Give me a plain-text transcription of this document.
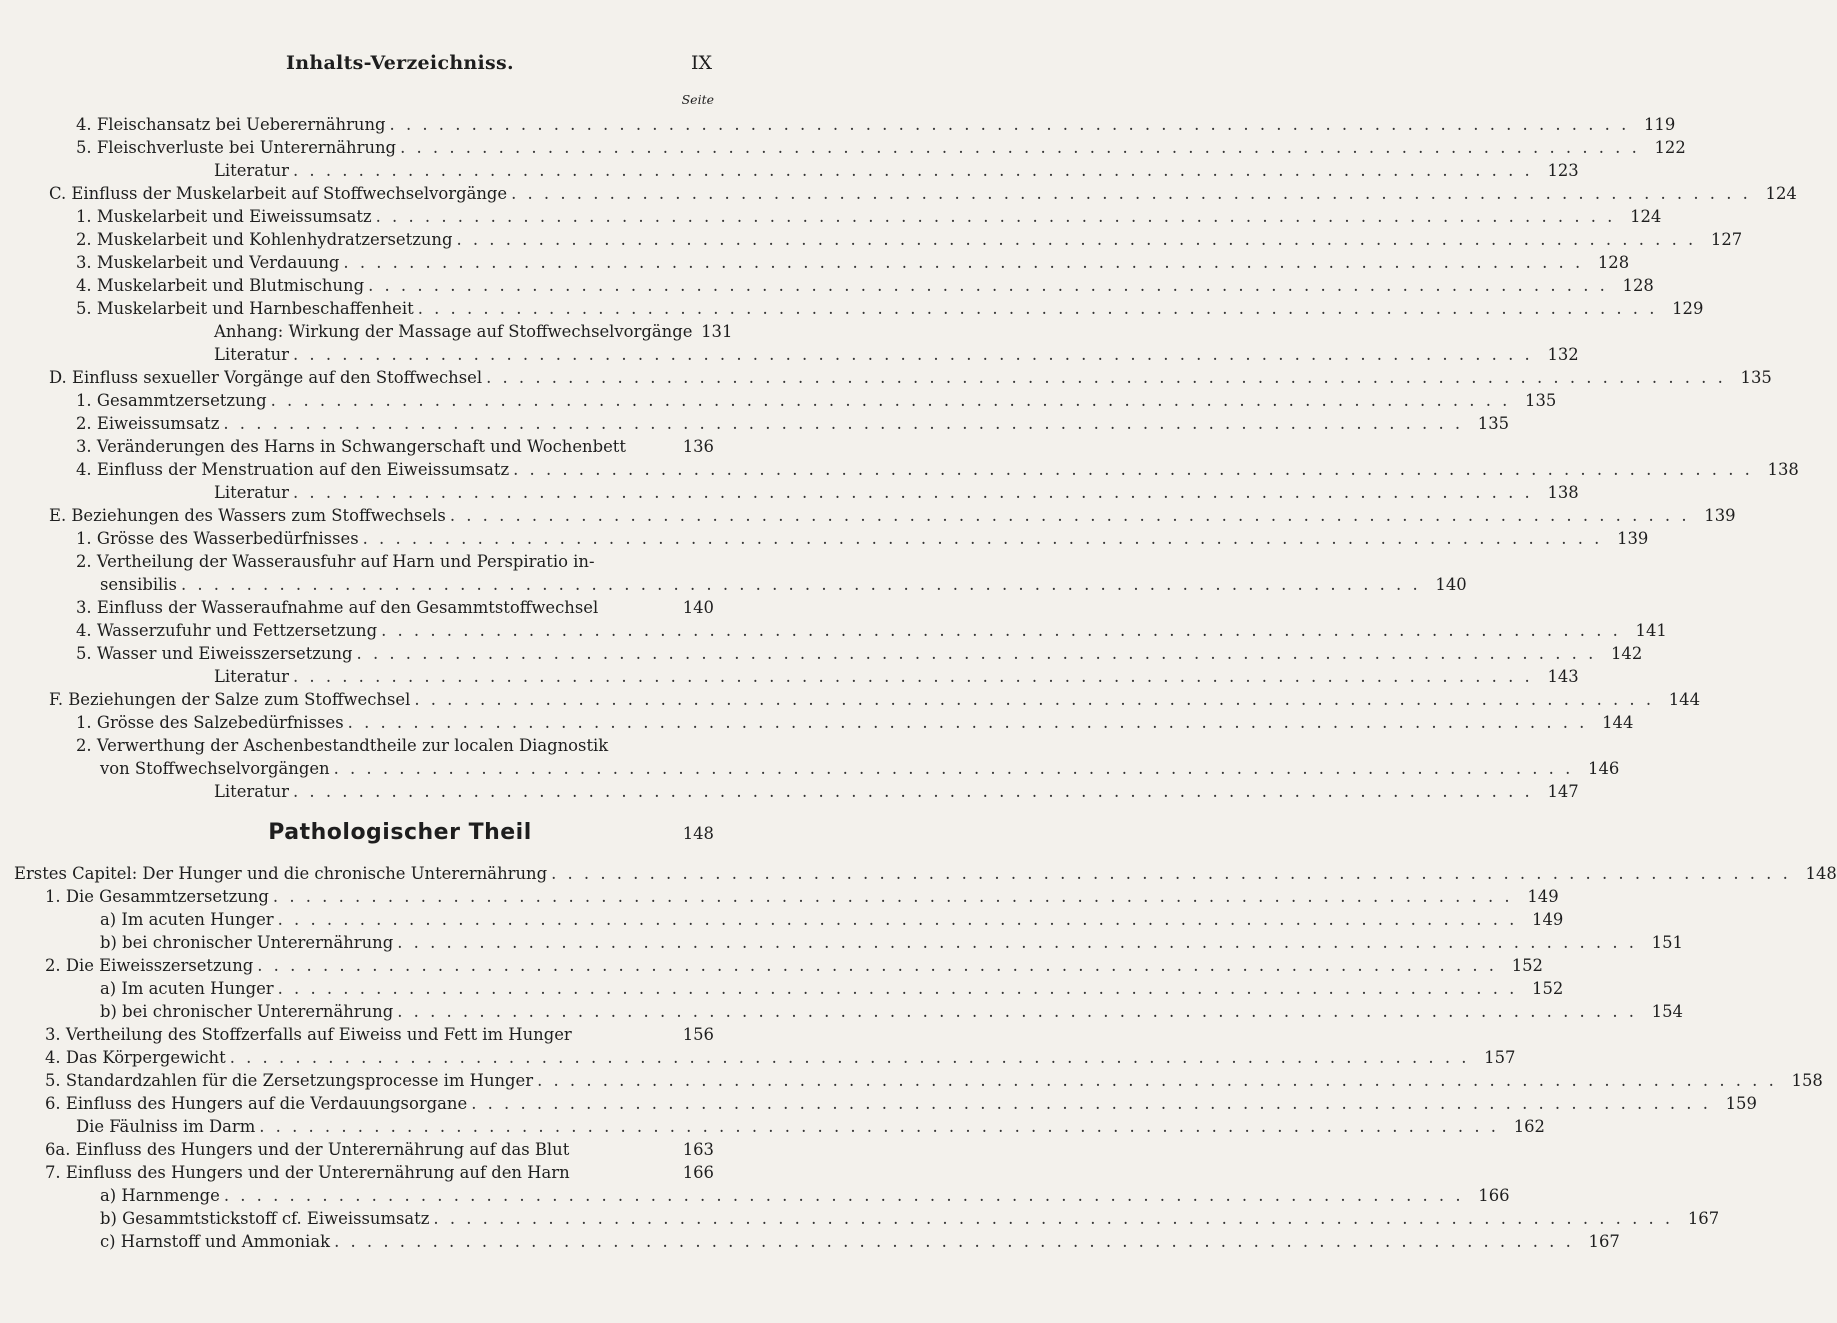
Inhalts-Verzeichniss.	IX
Seite
4. Fleischansatz bei Ueberernährung . . .	119
5. Fleischverluste bei Unterernährung . . .	122
Literatur . . .	123
C. Einfluss der Muskelarbeit auf Stoffwechselvorgänge . . .	124
1. Muskelarbeit und Eiweissumsatz . . .	124
2. Muskelarbeit und Kohlenhydratzersetzung . . .	127
3. Muskelarbeit und Verdauung . . .	128
4. Muskelarbeit und Blutmischung . . .	128
5. Muskelarbeit und Harnbeschaffenheit . . .	129
Anhang: Wirkung der Massage auf Stoffwechselvorgänge 131
Literatur . . .	132
D. Einfluss sexueller Vorgänge auf den Stoffwechsel . . .	135
1. Gesammtzersetzung . . .	135
2. Eiweissumsatz . . .	135
3. Veränderungen des Harns in Schwangerschaft und Wochenbett	136
4. Einfluss der Menstruation auf den Eiweissumsatz . . .	138
Literatur . . .	138
E. Beziehungen des Wassers zum Stoffwechsels . . .	139
1. Grösse des Wasserbedürfnisses . . .	139
2. Vertheilung der Wasserausfuhr auf Harn und Perspiratio in-
sensibilis . . .	140
3. Einfluss der Wasseraufnahme auf den Gesammtstoffwechsel	140
4. Wasserzufuhr und Fettzersetzung . . .	141
5. Wasser und Eiweisszersetzung . . .	142
Literatur . . .	143
F. Beziehungen der Salze zum Stoffwechsel . . .	144
1. Grösse des Salzebedürfnisses . . .	144
2. Verwerthung der Aschenbestandtheile zur localen Diagnostik
von Stoffwechselvorgängen . . .	146
Literatur . . .	147
Pathologischer Theil	148
Erstes Capitel: Der Hunger und die chronische Unterernährung . . .	148
1. Die Gesammtzersetzung . . .	149
a) Im acuten Hunger . . .	149
b) bei chronischer Unterernährung . . .	151
2. Die Eiweisszersetzung . . .	152
a) Im acuten Hunger . . .	152
b) bei chronischer Unterernährung . . .	154
3. Vertheilung des Stoffzerfalls auf Eiweiss und Fett im Hunger	156
4. Das Körpergewicht . . .	157
5. Standardzahlen für die Zersetzungsprocesse im Hunger . . .	158
6. Einfluss des Hungers auf die Verdauungsorgane . . .	159
Die Fäulniss im Darm . . .	162
6a. Einfluss des Hungers und der Unterernährung auf das Blut	163
7. Einfluss des Hungers und der Unterernährung auf den Harn	166
a) Harnmenge . . .	166
b) Gesammtstickstoff cf. Eiweissumsatz . . .	167
c) Harnstoff und Ammoniak . . .	167
